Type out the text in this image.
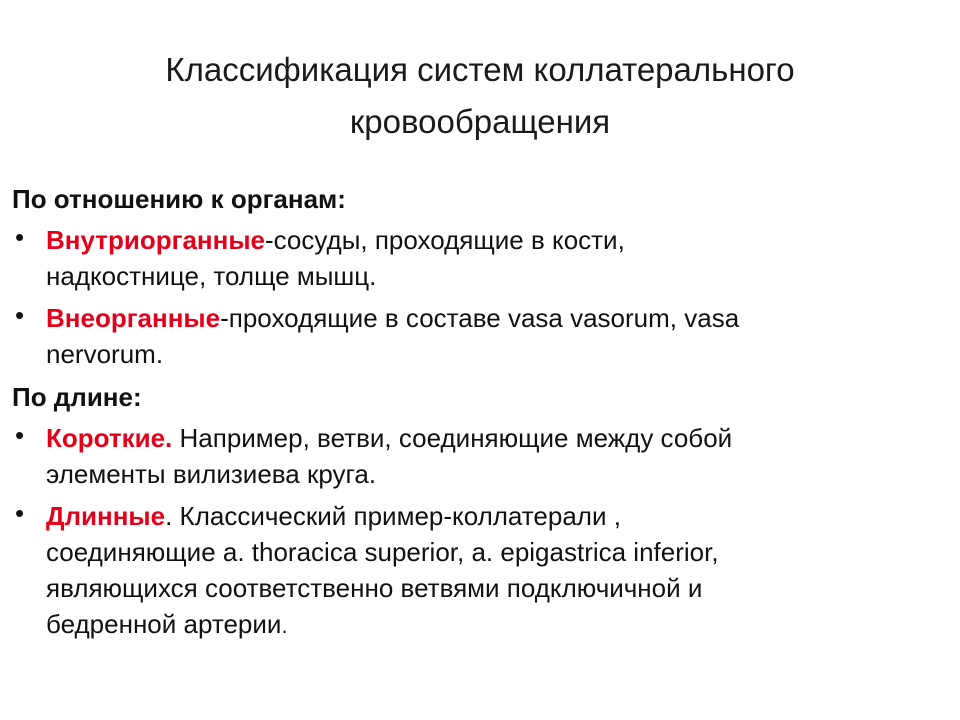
Классификация систем коллатерального
кровообращения

По отношению к органам:

• Внутриорганные-сосуды, проходящие в кости,
надкостнице, толще мышц.
• Внеорганные-проходящие в составе vasa vasorum, vasa
nervorum.

По длине:

• Короткие. Например, ветви, соединяющие между собой
элементы вилизиева круга.
• Длинные. Классический пример-коллатерали ,
соединяющие a. thoracica superior, a. epigastrica inferior,
являющихся соответственно ветвями подключичной и
бедренной артерии.
